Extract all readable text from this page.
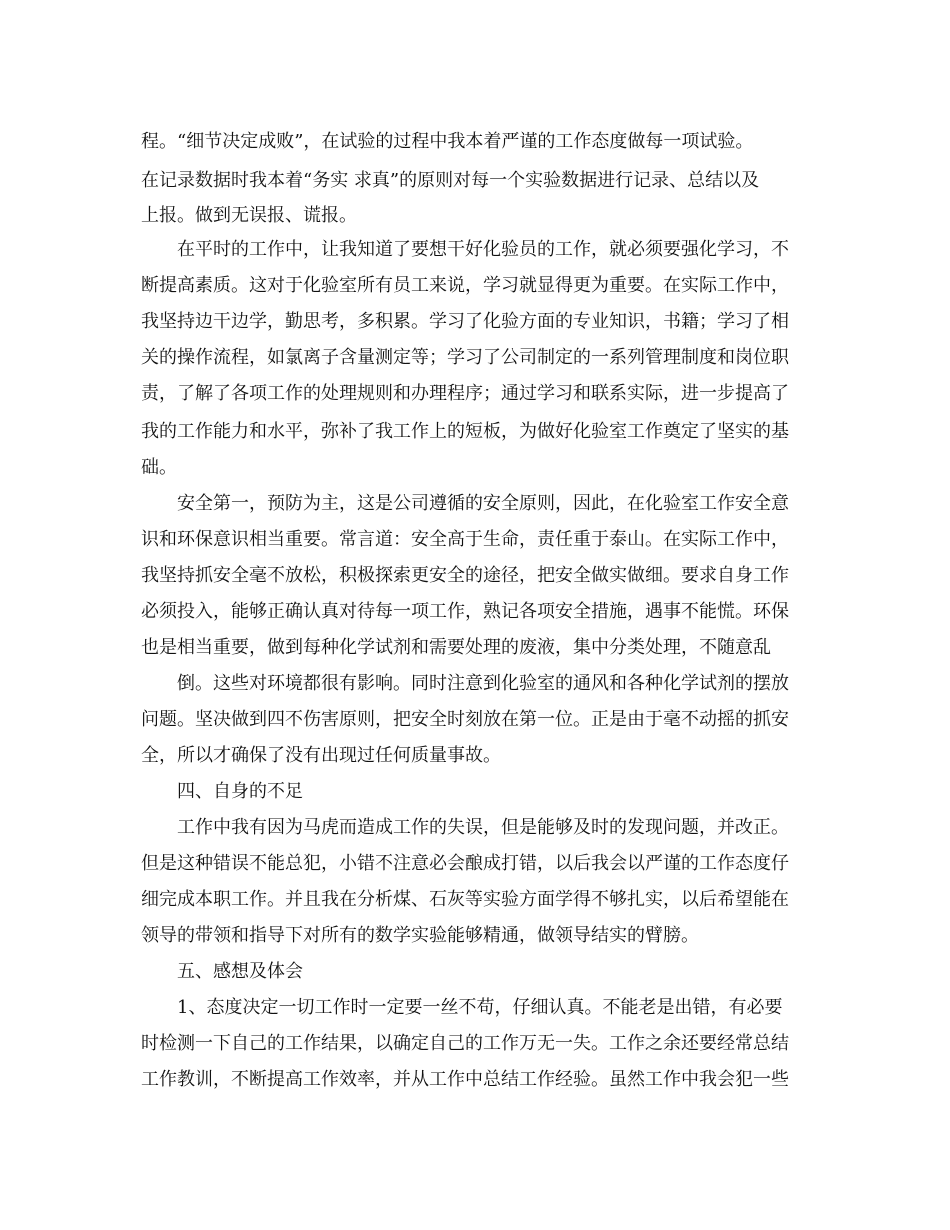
程。“细节决定成败”，在试验的过程中我本着严谨的工作态度做每一项试验。
在记录数据时我本着“务实 求真”的原则对每一个实验数据进行记录、总结以及
上报。做到无误报、谎报。
在平时的工作中，让我知道了要想干好化验员的工作，就必须要强化学习，不
断提高素质。这对于化验室所有员工来说，学习就显得更为重要。在实际工作中，
我坚持边干边学，勤思考，多积累。学习了化验方面的专业知识，书籍；学习了相
关的操作流程，如氯离子含量测定等；学习了公司制定的一系列管理制度和岗位职
责，了解了各项工作的处理规则和办理程序；通过学习和联系实际，进一步提高了
我的工作能力和水平，弥补了我工作上的短板，为做好化验室工作奠定了坚实的基
础。
安全第一，预防为主，这是公司遵循的安全原则，因此，在化验室工作安全意
识和环保意识相当重要。常言道：安全高于生命，责任重于泰山。在实际工作中，
我坚持抓安全毫不放松，积极探索更安全的途径，把安全做实做细。要求自身工作
必须投入，能够正确认真对待每一项工作，熟记各项安全措施，遇事不能慌。环保
也是相当重要，做到每种化学试剂和需要处理的废液，集中分类处理，不随意乱
倒。这些对环境都很有影响。同时注意到化验室的通风和各种化学试剂的摆放
问题。坚决做到四不伤害原则，把安全时刻放在第一位。正是由于毫不动摇的抓安
全，所以才确保了没有出现过任何质量事故。
四、自身的不足
工作中我有因为马虎而造成工作的失误，但是能够及时的发现问题，并改正。
但是这种错误不能总犯，小错不注意必会酿成打错，以后我会以严谨的工作态度仔
细完成本职工作。并且我在分析煤、石灰等实验方面学得不够扎实，以后希望能在
领导的带领和指导下对所有的数学实验能够精通，做领导结实的臂膀。
五、感想及体会
1、态度决定一切工作时一定要一丝不苟，仔细认真。不能老是出错，有必要
时检测一下自己的工作结果，以确定自己的工作万无一失。工作之余还要经常总结
工作教训，不断提高工作效率，并从工作中总结工作经验。虽然工作中我会犯一些
